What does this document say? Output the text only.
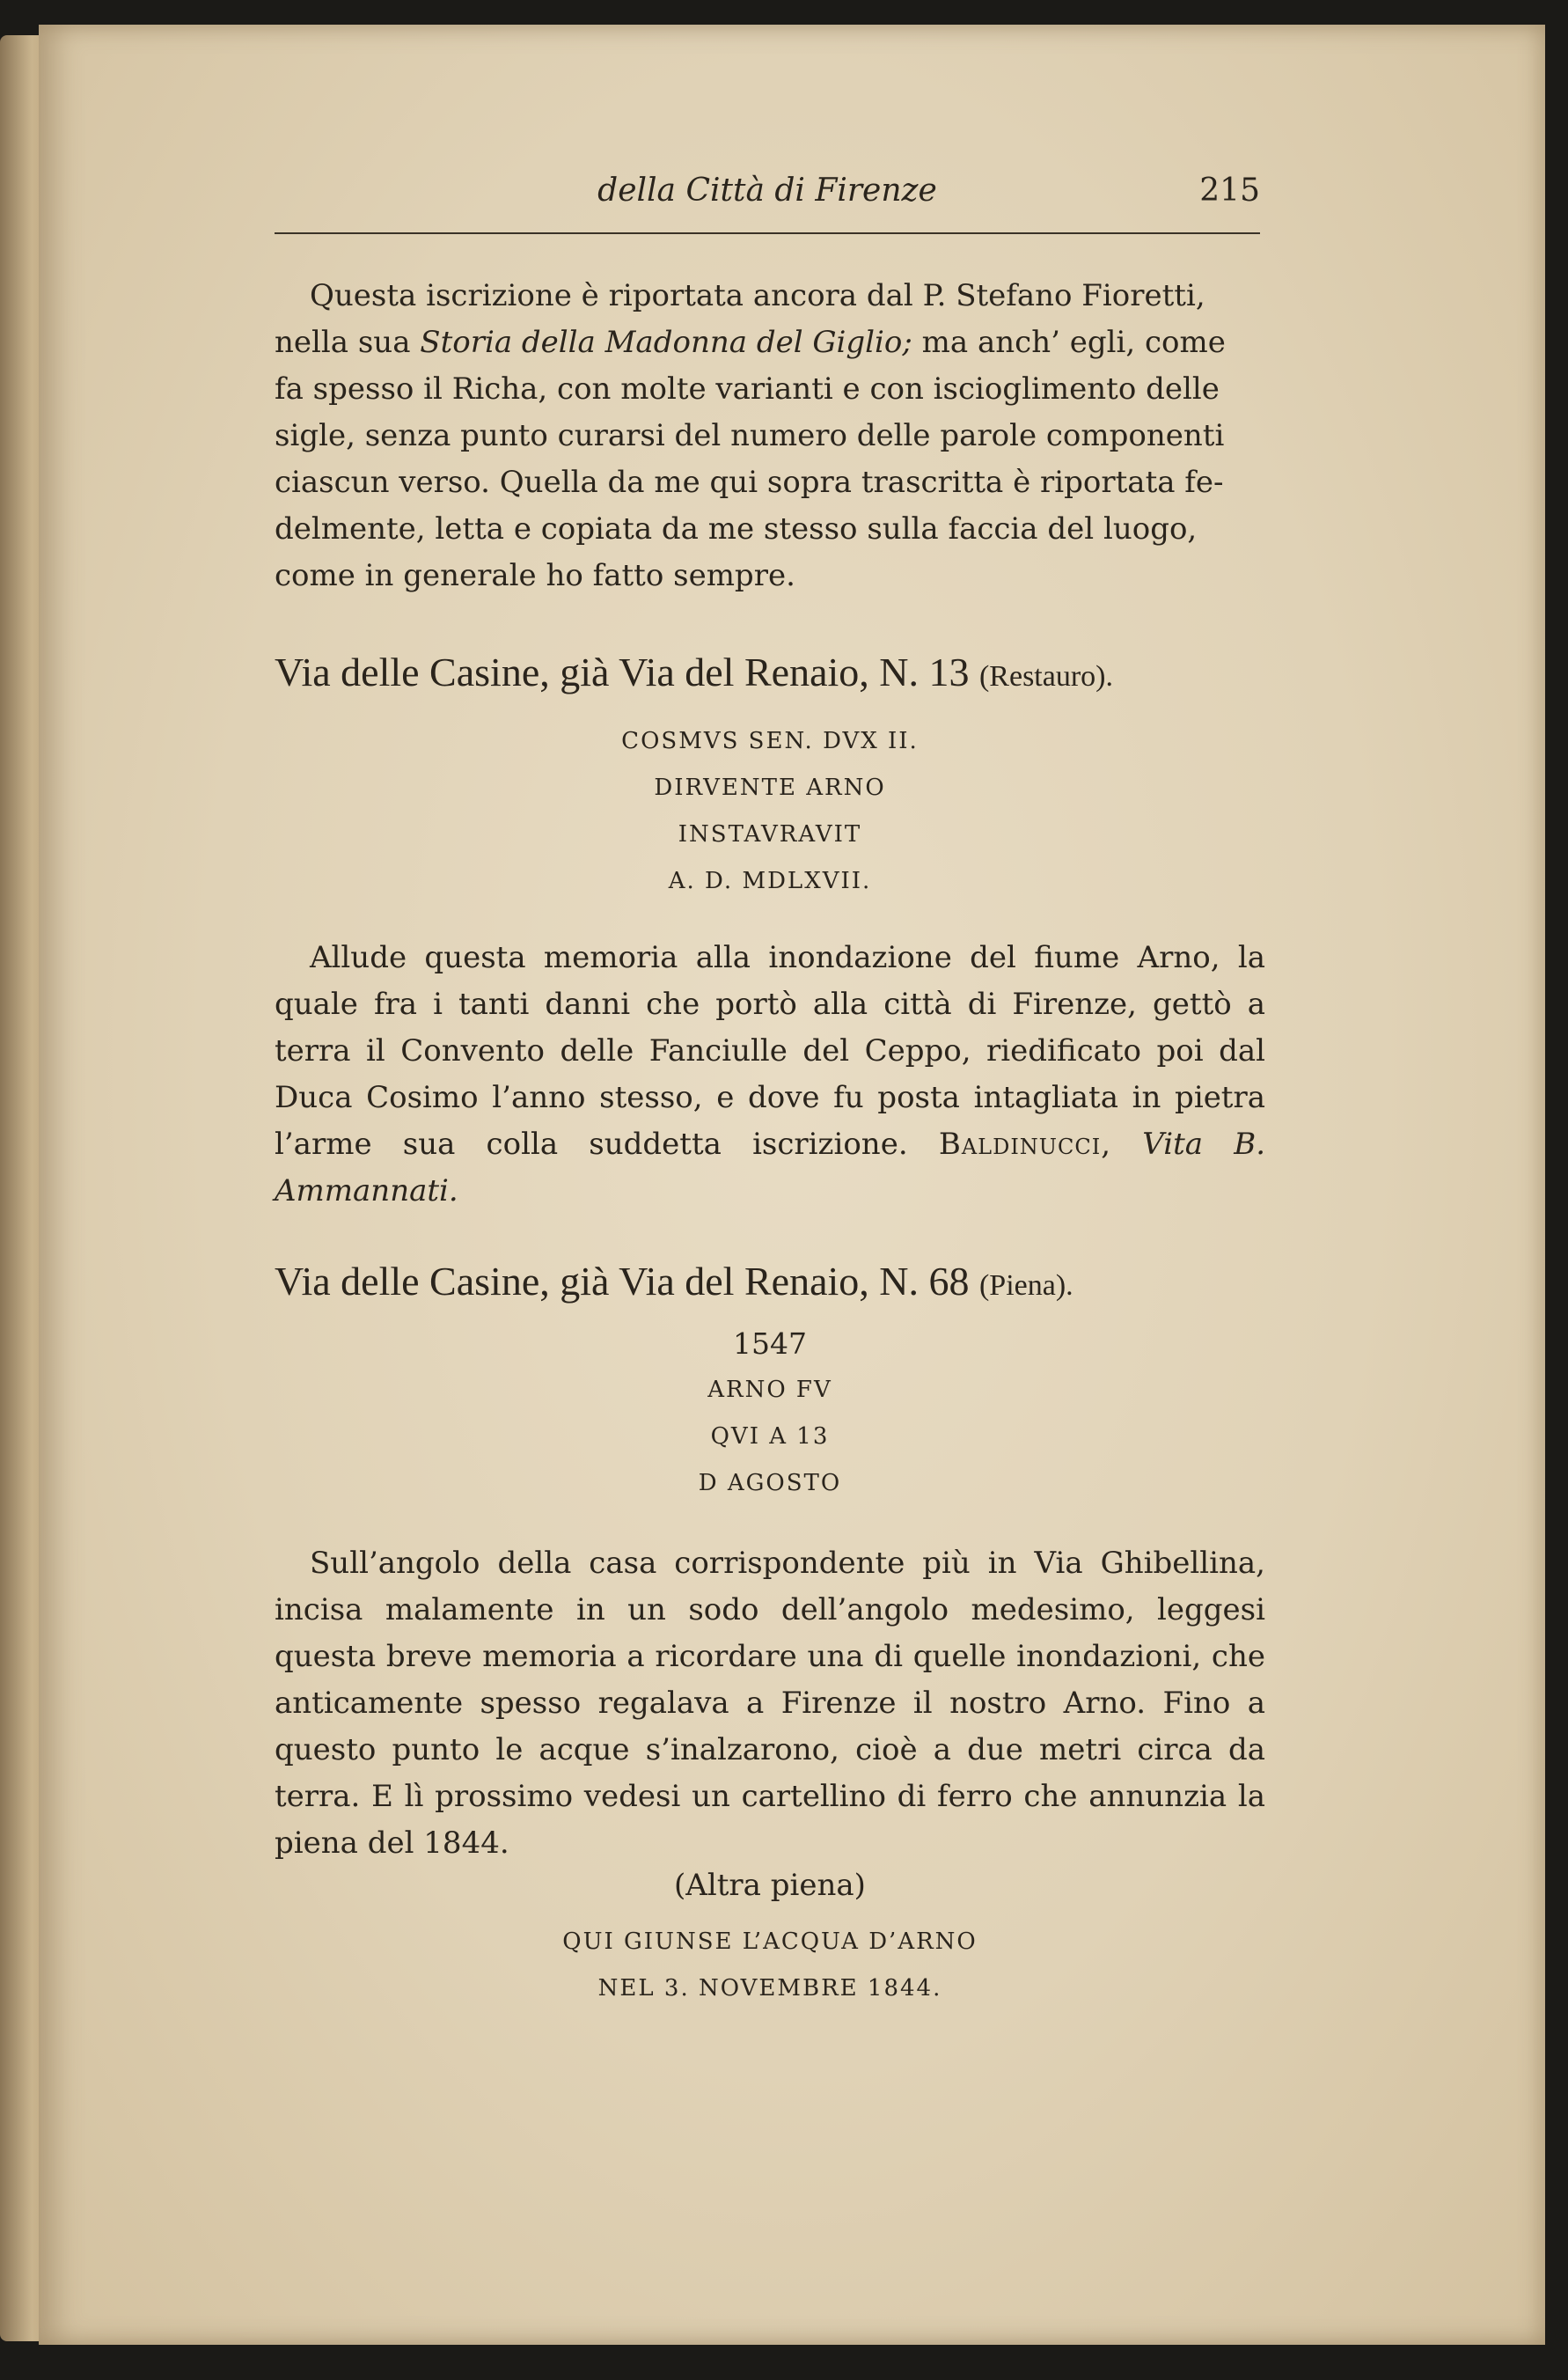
della Città di Firenze	215
Questa iscrizione è riportata ancora dal P. Stefano Fioretti,
nella sua Storia della Madonna del Giglio; ma anch’ egli, come
fa spesso il Richa, con molte varianti e con iscioglimento delle
sigle, senza punto curarsi del numero delle parole componenti
ciascun verso. Quella da me qui sopra trascritta è riportata fe-
delmente, letta e copiata da me stesso sulla faccia del luogo,
come in generale ho fatto sempre.
Via delle Casine, già Via del Renaio, N. 13 (Restauro).
COSMVS SEN. DVX II.
DIRVENTE ARNO
INSTAVRAVIT
A. D. MDLXVII.
Allude questa memoria alla inondazione del fiume Arno, la quale fra i tanti danni che portò alla città di Firenze, gettò a terra il Convento delle Fanciulle del Ceppo, riedificato poi dal Duca Cosimo l’anno stesso, e dove fu posta intagliata in pietra l’arme sua colla suddetta iscrizione. Baldinucci, Vita B. Ammannati.
Via delle Casine, già Via del Renaio, N. 68 (Piena).
1547
ARNO FV
QVI A 13
D AGOSTO
Sull’angolo della casa corrispondente più in Via Ghibellina, incisa malamente in un sodo dell’angolo medesimo, leggesi questa breve memoria a ricordare una di quelle inondazioni, che anticamente spesso regalava a Firenze il nostro Arno. Fino a questo punto le acque s’inalzarono, cioè a due metri circa da terra. E lì prossimo vedesi un cartellino di ferro che annunzia la piena del 1844.
(Altra piena)
QUI GIUNSE L’ACQUA D’ARNO
NEL 3. NOVEMBRE 1844.
